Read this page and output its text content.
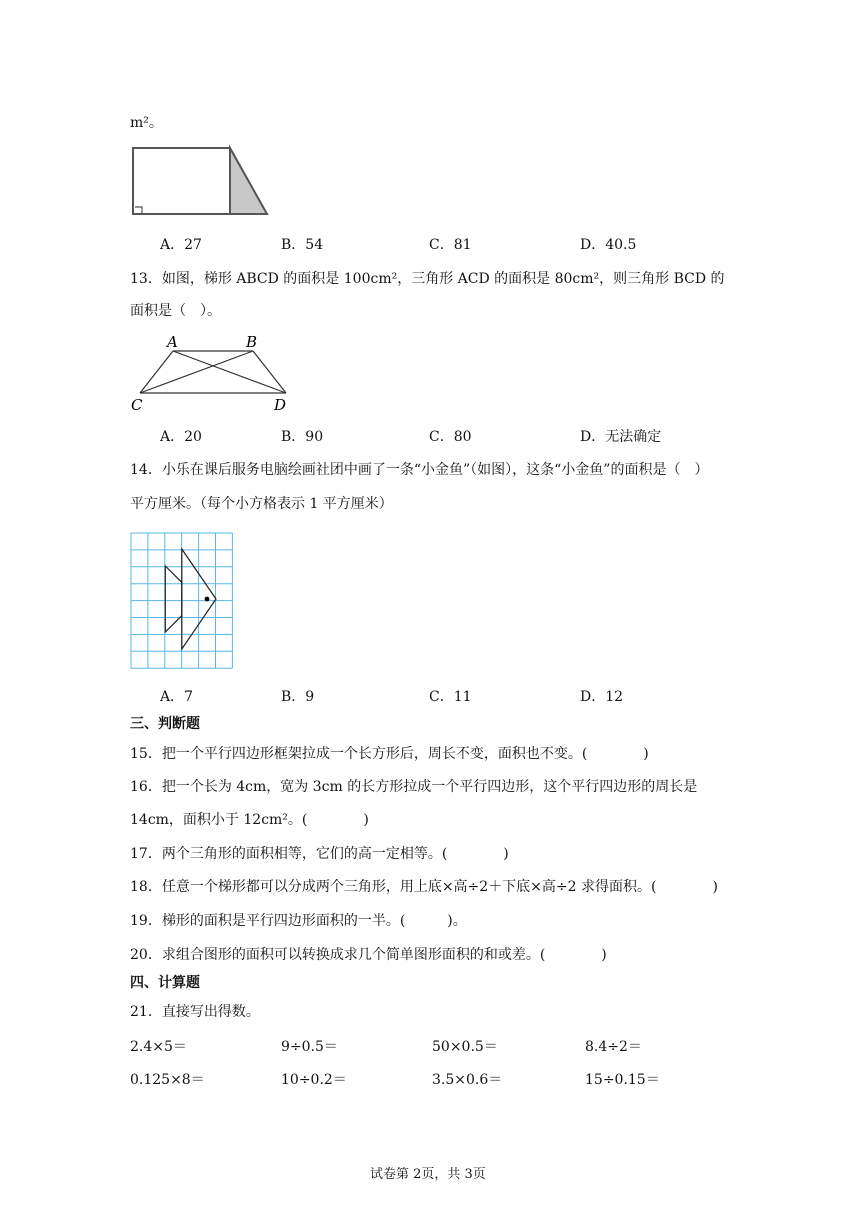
m²。
A．27	B．54	C．81	D．40.5
13．如图，梯形 ABCD 的面积是 100cm²，三角形 ACD 的面积是 80cm²，则三角形 BCD 的
面积是（　）。
A	B
C	D
A．20	B．90	C．80	D．无法确定
14．小乐在课后服务电脑绘画社团中画了一条“小金鱼”（如图），这条“小金鱼”的面积是（　）
平方厘米。（每个小方格表示 1 平方厘米）
A．7	B．9	C．11	D．12
三、判断题
15．把一个平行四边形框架拉成一个长方形后，周长不变，面积也不变。(　　　　)
16．把一个长为 4cm，宽为 3cm 的长方形拉成一个平行四边形，这个平行四边形的周长是
14cm，面积小于 12cm²。(　　　　)
17．两个三角形的面积相等，它们的高一定相等。(　　　　)
18．任意一个梯形都可以分成两个三角形，用上底×高÷2＋下底×高÷2 求得面积。(　　　　)
19．梯形的面积是平行四边形面积的一半。(　　　)。
20．求组合图形的面积可以转换成求几个简单图形面积的和或差。(　　　　)
四、计算题
21．直接写出得数。
2.4×5＝	9÷0.5＝	50×0.5＝	8.4÷2＝
0.125×8＝	10÷0.2＝	3.5×0.6＝	15÷0.15＝
试卷第 2页，共 3页
